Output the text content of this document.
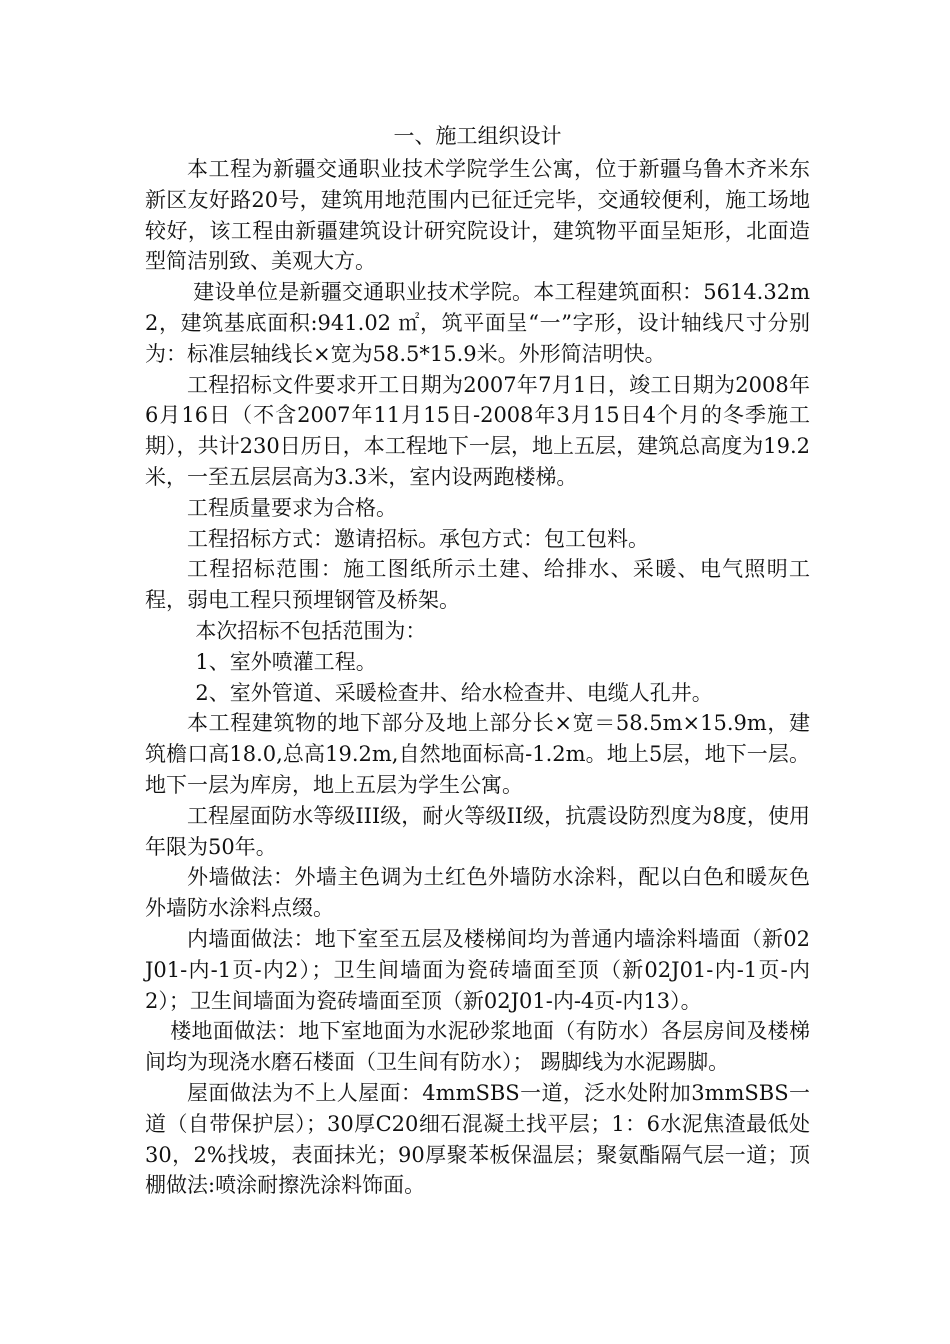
一、施工组织设计

本工程为新疆交通职业技术学院学生公寓，位于新疆乌鲁木齐米东新区友好路20号，建筑用地范围内已征迁完毕，交通较便利，施工场地较好，该工程由新疆建筑设计研究院设计，建筑物平面呈矩形，北面造型简洁别致、美观大方。

建设单位是新疆交通职业技术学院。本工程建筑面积：5614.32m2，建筑基底面积:941.02 ㎡，筑平面呈“一”字形，设计轴线尺寸分别为：标准层轴线长×宽为58.5*15.9米。外形简洁明快。

工程招标文件要求开工日期为2007年7月1日，竣工日期为2008年6月16日（不含2007年11月15日-2008年3月15日4个月的冬季施工期），共计230日历日，本工程地下一层，地上五层，建筑总高度为19.2米，一至五层层高为3.3米，室内设两跑楼梯。

工程质量要求为合格。

工程招标方式：邀请招标。承包方式：包工包料。

工程招标范围：施工图纸所示土建、给排水、采暖、电气照明工程，弱电工程只预埋钢管及桥架。

本次招标不包括范围为：

1、室外喷灌工程。

2、室外管道、采暖检查井、给水检查井、电缆人孔井。

本工程建筑物的地下部分及地上部分长×宽＝58.5m×15.9m，建筑檐口高18.0,总高19.2m,自然地面标高-1.2m。地上5层，地下一层。地下一层为库房，地上五层为学生公寓。

工程屋面防水等级III级，耐火等级II级，抗震设防烈度为8度，使用年限为50年。

外墙做法：外墙主色调为土红色外墙防水涂料，配以白色和暖灰色外墙防水涂料点缀。

内墙面做法：地下室至五层及楼梯间均为普通内墙涂料墙面（新02J01-内-1页-内2）；卫生间墙面为瓷砖墙面至顶（新02J01-内-1页-内2）；卫生间墙面为瓷砖墙面至顶（新02J01-内-4页-内13）。

楼地面做法：地下室地面为水泥砂浆地面（有防水）各层房间及楼梯间均为现浇水磨石楼面（卫生间有防水）； 踢脚线为水泥踢脚。

屋面做法为不上人屋面：4mmSBS一道，泛水处附加3mmSBS一道（自带保护层）；30厚C20细石混凝土找平层；1：6水泥焦渣最低处30，2%找坡，表面抹光；90厚聚苯板保温层；聚氨酯隔气层一道；顶棚做法:喷涂耐擦洗涂料饰面。
